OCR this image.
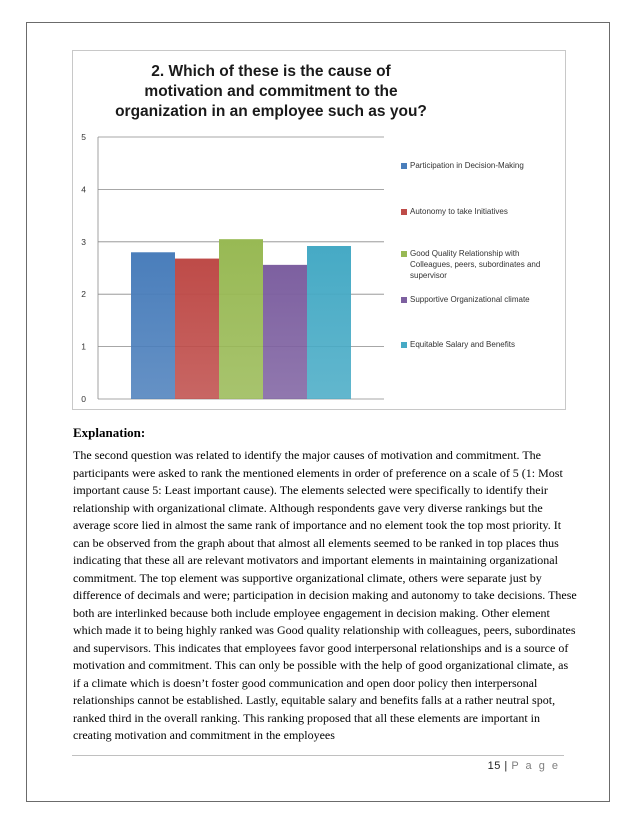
2. Which of these is the cause of motivation and commitment to the organization in an employee such as you?
0
1
2
3
4
5
Participation in Decision-Making
Autonomy to take Initiatives
Good Quality Relationship with Colleagues, peers, subordinates and supervisor
Supportive Organizational climate
Equitable Salary and Benefits
Explanation:

The second question was related to identify the major causes of motivation and commitment. The participants were asked to rank the mentioned elements in order of preference on a scale of 5 (1: Most important cause 5: Least important cause). The elements selected were specifically to identify their relationship with organizational climate. Although respondents gave very diverse rankings but the average score lied in almost the same rank of importance and no element took the top most priority. It can be observed from the graph about that almost all elements seemed to be ranked in top places thus indicating that these all are relevant motivators and important elements in maintaining organizational commitment. The top element was supportive organizational climate, others were separate just by difference of decimals and were; participation in decision making and autonomy to take decisions. These both are interlinked because both include employee engagement in decision making. Other element which made it to being highly ranked was Good quality relationship with colleagues, peers, subordinates and supervisors. This indicates that employees favor good interpersonal relationships and is a source of motivation and commitment. This can only be possible with the help of good organizational climate, as if a climate which is doesn’t foster good communication and open door policy then interpersonal relationships cannot be established. Lastly, equitable salary and benefits falls at a rather neutral spot, ranked third in the overall ranking. This ranking proposed that all these elements are important in creating motivation and commitment in the employees

15 | P a g e
